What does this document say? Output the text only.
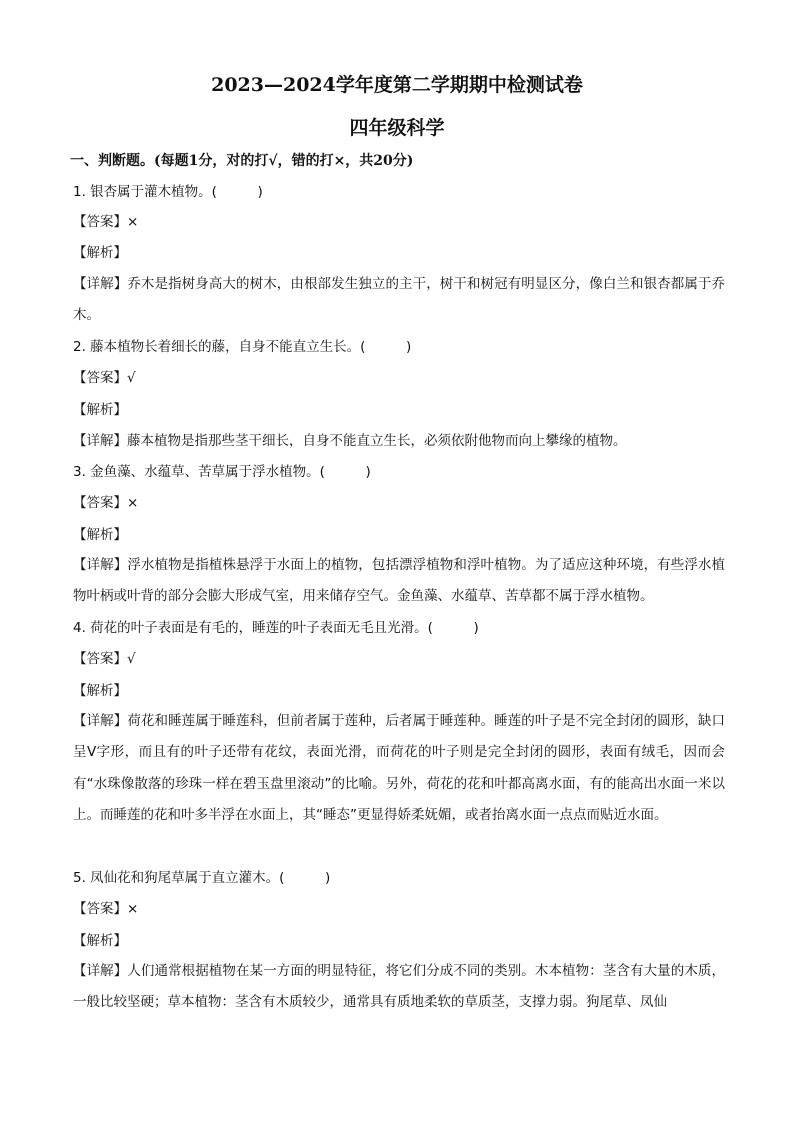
2023—2024学年度第二学期期中检测试卷
四年级科学
一、判断题。(每题1分，对的打√，错的打×，共20分)
1. 银杏属于灌木植物。(　　　)
【答案】×
【解析】
【详解】乔木是指树身高大的树木，由根部发生独立的主干，树干和树冠有明显区分，像白兰和银杏都属于乔木。
2. 藤本植物长着细长的藤，自身不能直立生长。(　　　)
【答案】√
【解析】
【详解】藤本植物是指那些茎干细长，自身不能直立生长，必须依附他物而向上攀缘的植物。
3. 金鱼藻、水蕴草、苦草属于浮水植物。(　　　)
【答案】×
【解析】
【详解】浮水植物是指植株悬浮于水面上的植物，包括漂浮植物和浮叶植物。为了适应这种环境，有些浮水植物叶柄或叶背的部分会膨大形成气室，用来储存空气。金鱼藻、水蕴草、苦草都不属于浮水植物。
4. 荷花的叶子表面是有毛的，睡莲的叶子表面无毛且光滑。(　　　)
【答案】√
【解析】
【详解】荷花和睡莲属于睡莲科，但前者属于莲种，后者属于睡莲种。睡莲的叶子是不完全封闭的圆形，缺口呈V字形，而且有的叶子还带有花纹，表面光滑，而荷花的叶子则是完全封闭的圆形，表面有绒毛，因而会有“水珠像散落的珍珠一样在碧玉盘里滚动”的比喻。另外，荷花的花和叶都高离水面，有的能高出水面一米以上。而睡莲的花和叶多半浮在水面上，其“睡态”更显得娇柔妩媚，或者抬离水面一点点而贴近水面。
5. 凤仙花和狗尾草属于直立灌木。(　　　)
【答案】×
【解析】
【详解】人们通常根据植物在某一方面的明显特征，将它们分成不同的类别。木本植物：茎含有大量的木质，一般比较坚硬；草本植物：茎含有木质较少，通常具有质地柔软的草质茎，支撑力弱。狗尾草、凤仙
